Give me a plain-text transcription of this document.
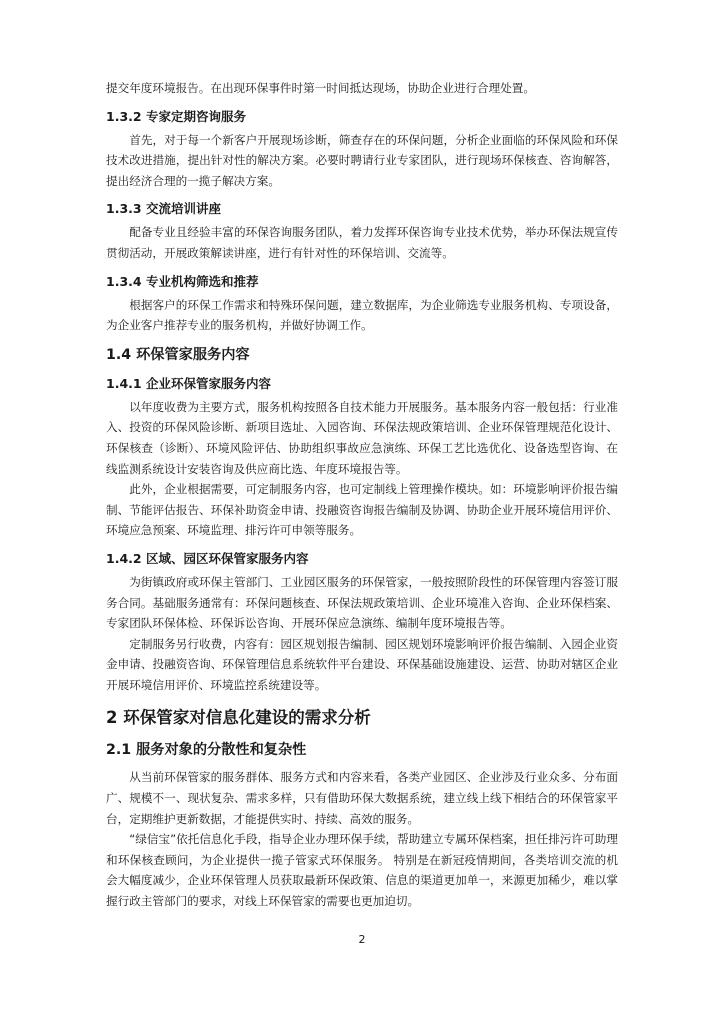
提交年度环境报告。在出现环保事件时第一时间抵达现场，协助企业进行合理处置。

1.3.2 专家定期咨询服务

首先，对于每一个新客户开展现场诊断，筛查存在的环保问题，分析企业面临的环保风险和环保技术改进措施，提出针对性的解决方案。必要时聘请行业专家团队，进行现场环保核查、咨询解答，提出经济合理的一揽子解决方案。

1.3.3 交流培训讲座

配备专业且经验丰富的环保咨询服务团队，着力发挥环保咨询专业技术优势，举办环保法规宣传贯彻活动，开展政策解读讲座，进行有针对性的环保培训、交流等。

1.3.4 专业机构筛选和推荐

根据客户的环保工作需求和特殊环保问题，建立数据库，为企业筛选专业服务机构、专项设备，为企业客户推荐专业的服务机构，并做好协调工作。

1.4 环保管家服务内容

1.4.1 企业环保管家服务内容

以年度收费为主要方式，服务机构按照各自技术能力开展服务。基本服务内容一般包括：行业准入、投资的环保风险诊断、新项目选址、入园咨询、环保法规政策培训、企业环保管理规范化设计、环保核查（诊断）、环境风险评估、协助组织事故应急演练、环保工艺比选优化、设备选型咨询、在线监测系统设计安装咨询及供应商比选、年度环境报告等。

此外，企业根据需要，可定制服务内容，也可定制线上管理操作模块。如：环境影响评价报告编制、节能评估报告、环保补助资金申请、投融资咨询报告编制及协调、协助企业开展环境信用评价、环境应急预案、环境监理、排污许可申领等服务。

1.4.2 区域、园区环保管家服务内容

为街镇政府或环保主管部门、工业园区服务的环保管家，一般按照阶段性的环保管理内容签订服务合同。基础服务通常有：环保问题核查、环保法规政策培训、企业环境准入咨询、企业环保档案、专家团队环保体检、环保诉讼咨询、开展环保应急演练、编制年度环境报告等。

定制服务另行收费，内容有：园区规划报告编制、园区规划环境影响评价报告编制、入园企业资金申请、投融资咨询、环保管理信息系统软件平台建设、环保基础设施建设、运营、协助对辖区企业开展环境信用评价、环境监控系统建设等。

2 环保管家对信息化建设的需求分析

2.1 服务对象的分散性和复杂性

从当前环保管家的服务群体、服务方式和内容来看，各类产业园区、企业涉及行业众多、分布面广、规模不一、现状复杂、需求多样，只有借助环保大数据系统，建立线上线下相结合的环保管家平台，定期维护更新数据，才能提供实时、持续、高效的服务。

“绿信宝”依托信息化手段，指导企业办理环保手续，帮助建立专属环保档案，担任排污许可助理和环保核查顾问，为企业提供一揽子管家式环保服务。 特别是在新冠疫情期间，各类培训交流的机会大幅度减少，企业环保管理人员获取最新环保政策、信息的渠道更加单一，来源更加稀少，难以掌握行政主管部门的要求，对线上环保管家的需要也更加迫切。

2
